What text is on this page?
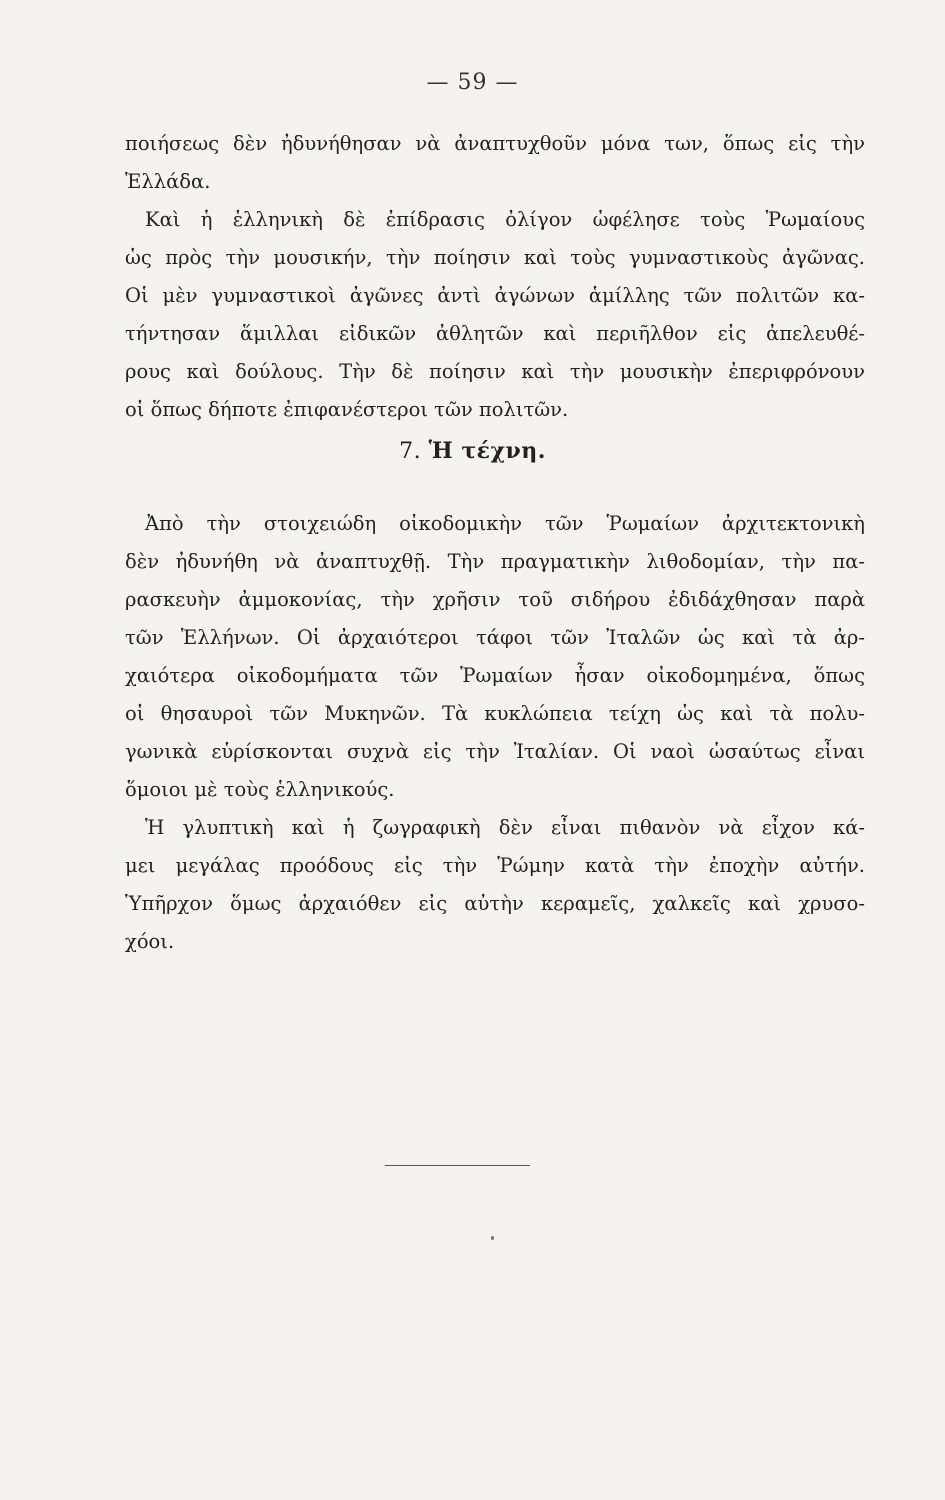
— 59 —
ποιήσεως δὲν ἠδυνήθησαν νὰ ἀναπτυχθοῦν μόνα των, ὅπως εἰς τὴν
Ἑλλάδα.
Καὶ ἡ ἑλληνικὴ δὲ ἐπίδρασις ὀλίγον ὠφέλησε τοὺς Ῥωμαίους
ὡς πρὸς τὴν μουσικήν, τὴν ποίησιν καὶ τοὺς γυμναστικοὺς ἀγῶνας.
Οἱ μὲν γυμναστικοὶ ἀγῶνες ἀντὶ ἀγώνων ἁμίλλης τῶν πολιτῶν κα-
τήντησαν ἅμιλλαι εἰδικῶν ἀθλητῶν καὶ περιῆλθον εἰς ἀπελευθέ-
ρους καὶ δούλους. Τὴν δὲ ποίησιν καὶ τὴν μουσικὴν ἐπεριφρόνουν
οἱ ὅπως δήποτε ἐπιφανέστεροι τῶν πολιτῶν.
7. Ἡ τέχνη.
Ἀπὸ τὴν στοιχειώδη οἰκοδομικὴν τῶν Ῥωμαίων ἀρχιτεκτονικὴ
δὲν ἠδυνήθη νὰ ἀναπτυχθῇ. Τὴν πραγματικὴν λιθοδομίαν, τὴν πα-
ρασκευὴν ἀμμοκονίας, τὴν χρῆσιν τοῦ σιδήρου ἐδιδάχθησαν παρὰ
τῶν Ἑλλήνων. Οἱ ἀρχαιότεροι τάφοι τῶν Ἰταλῶν ὡς καὶ τὰ ἀρ-
χαιότερα οἰκοδομήματα τῶν Ῥωμαίων ἦσαν οἰκοδομημένα, ὅπως
οἱ θησαυροὶ τῶν Μυκηνῶν. Τὰ κυκλώπεια τείχη ὡς καὶ τὰ πολυ-
γωνικὰ εὑρίσκονται συχνὰ εἰς τὴν Ἰταλίαν. Οἱ ναοὶ ὡσαύτως εἶναι
ὅμοιοι μὲ τοὺς ἑλληνικούς.
Ἡ γλυπτικὴ καὶ ἡ ζωγραφικὴ δὲν εἶναι πιθανὸν νὰ εἶχον κά-
μει μεγάλας προόδους εἰς τὴν Ῥώμην κατὰ τὴν ἐποχὴν αὐτήν.
Ὑπῆρχον ὅμως ἀρχαιόθεν εἰς αὐτὴν κεραμεῖς, χαλκεῖς καὶ χρυσο-
χόοι.
